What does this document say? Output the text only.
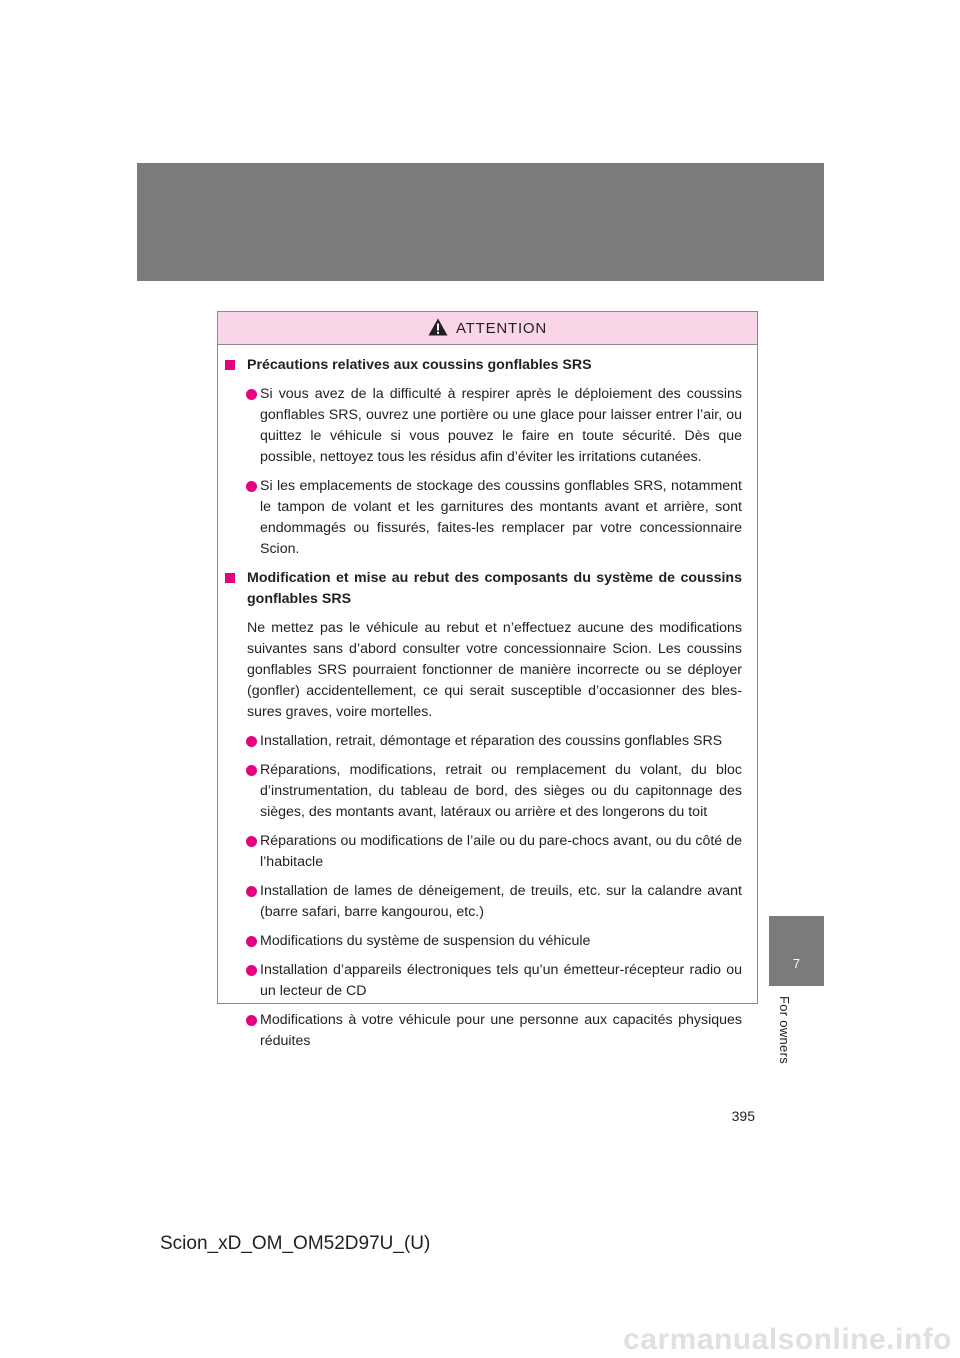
ATTENTION
Précautions relatives aux coussins gonflables SRS
Si vous avez de la difficulté à respirer après le déploiement des coussins gonflables SRS, ouvrez une portière ou une glace pour laisser entrer l’air, ou quittez le véhicule si vous pouvez le faire en toute sécurité. Dès que possible, nettoyez tous les résidus afin d’éviter les irritations cutanées.
Si les emplacements de stockage des coussins gonflables SRS, notamment le tampon de volant et les garnitures des montants avant et arrière, sont endommagés ou fissurés, faites-les remplacer par votre concessionnaire Scion.
Modification et mise au rebut des composants du système de coussins gonflables SRS
Ne mettez pas le véhicule au rebut et n’effectuez aucune des modifications suivantes sans d’abord consulter votre concessionnaire Scion. Les coussins gonflables SRS pourraient fonctionner de manière incorrecte ou se déployer (gonfler) accidentellement, ce qui serait susceptible d’occasionner des bles-sures graves, voire mortelles.
Installation, retrait, démontage et réparation des coussins gonflables SRS
Réparations, modifications, retrait ou remplacement du volant, du bloc d’instrumentation, du tableau de bord, des sièges ou du capitonnage des sièges, des montants avant, latéraux ou arrière et des longerons du toit
Réparations ou modifications de l’aile ou du pare-chocs avant, ou du côté de l’habitacle
Installation de lames de déneigement, de treuils, etc. sur la calandre avant (barre safari, barre kangourou, etc.)
Modifications du système de suspension du véhicule
Installation d’appareils électroniques tels qu’un émetteur-récepteur radio ou un lecteur de CD
Modifications à votre véhicule pour une personne aux capacités physiques réduites
7
For owners
395
Scion_xD_OM_OM52D97U_(U)
carmanualsonline.info
